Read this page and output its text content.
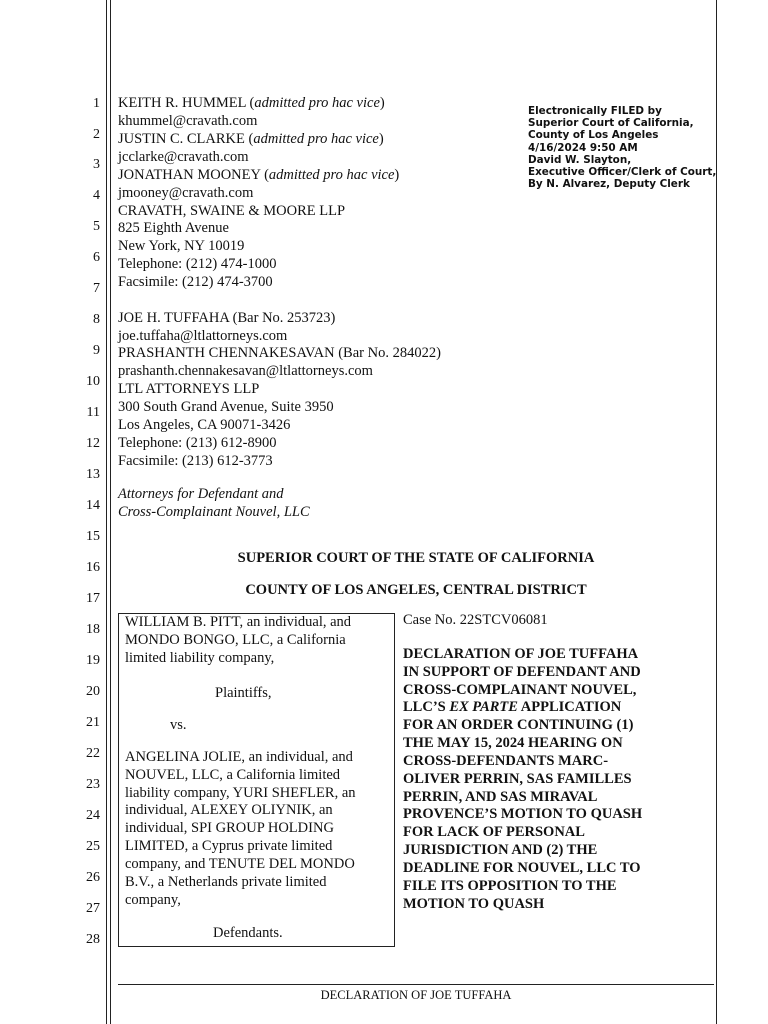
1
2
3
4
5
6
7
8
9
10
11
12
13
14
15
16
17
18
19
20
21
22
23
24
25
26
27
28
KEITH R. HUMMEL (admitted pro hac vice)
khummel@cravath.com
JUSTIN C. CLARKE (admitted pro hac vice)
jcclarke@cravath.com
JONATHAN MOONEY (admitted pro hac vice)
jmooney@cravath.com
CRAVATH, SWAINE & MOORE LLP
825 Eighth Avenue
New York, NY 10019
Telephone: (212) 474-1000
Facsimile: (212) 474-3700
JOE H. TUFFAHA (Bar No. 253723)
joe.tuffaha@ltlattorneys.com
PRASHANTH CHENNAKESAVAN (Bar No. 284022)
prashanth.chennakesavan@ltlattorneys.com
LTL ATTORNEYS LLP
300 South Grand Avenue, Suite 3950
Los Angeles, CA 90071-3426
Telephone: (213) 612-8900
Facsimile: (213) 612-3773
Attorneys for Defendant and
Cross-Complainant Nouvel, LLC
Electronically FILED by
Superior Court of California,
County of Los Angeles
4/16/2024 9:50 AM
David W. Slayton,
Executive Officer/Clerk of Court,
By N. Alvarez, Deputy Clerk
SUPERIOR COURT OF THE STATE OF CALIFORNIA
COUNTY OF LOS ANGELES, CENTRAL DISTRICT
WILLIAM B. PITT, an individual, and
MONDO BONGO, LLC, a California
limited liability company,
Plaintiffs,
vs.
ANGELINA JOLIE, an individual, and
NOUVEL, LLC, a California limited
liability company, YURI SHEFLER, an
individual, ALEXEY OLIYNIK, an
individual, SPI GROUP HOLDING
LIMITED, a Cyprus private limited
company, and TENUTE DEL MONDO
B.V., a Netherlands private limited
company,
Defendants.
Case No. 22STCV06081
DECLARATION OF JOE TUFFAHA
IN SUPPORT OF DEFENDANT AND
CROSS-COMPLAINANT NOUVEL,
LLC’S EX PARTE APPLICATION
FOR AN ORDER CONTINUING (1)
THE MAY 15, 2024 HEARING ON
CROSS-DEFENDANTS MARC-
OLIVER PERRIN, SAS FAMILLES
PERRIN, AND SAS MIRAVAL
PROVENCE’S MOTION TO QUASH
FOR LACK OF PERSONAL
JURISDICTION AND (2) THE
DEADLINE FOR NOUVEL, LLC TO
FILE ITS OPPOSITION TO THE
MOTION TO QUASH
DECLARATION OF JOE TUFFAHA
